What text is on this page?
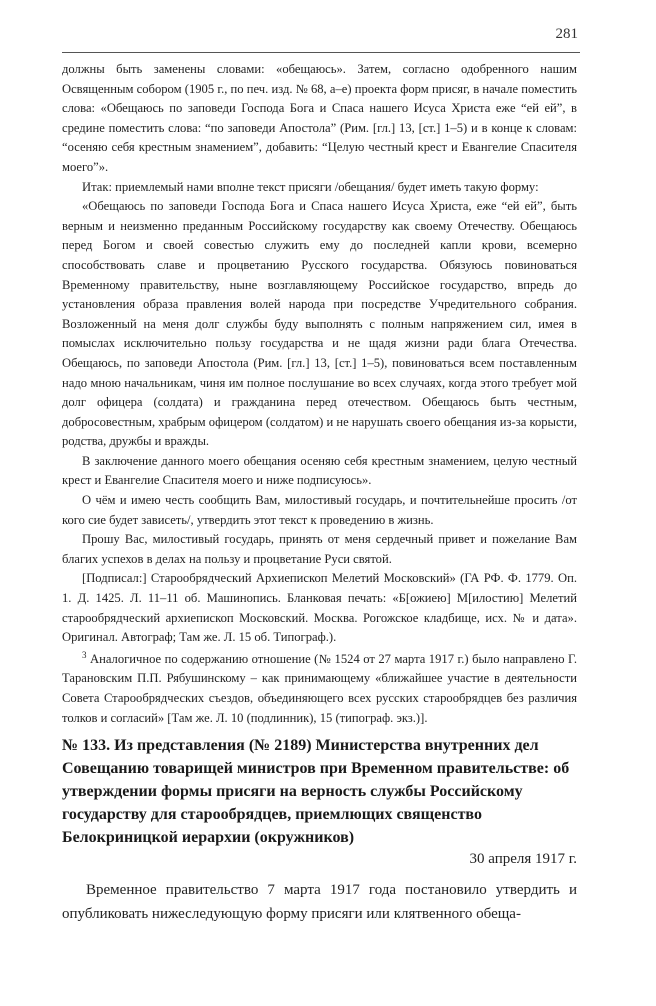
281

должны быть заменены словами: «обещаюсь». Затем, согласно одобренного нашим Освященным собором (1905 г., по печ. изд. № 68, а–е) проекта форм присяг, в начале поместить слова: «Обещаюсь по заповеди Господа Бога и Спаса нашего Исуса Христа еже “ей ей”, в средине поместить слова: “по заповеди Апостола” (Рим. [гл.] 13, [ст.] 1–5) и в конце к словам: “осеняю себя крестным знамением”, добавить: “Целую честный крест и Евангелие Спасителя моего”».

Итак: приемлемый нами вполне текст присяги /обещания/ будет иметь такую форму:

«Обещаюсь по заповеди Господа Бога и Спаса нашего Исуса Христа, еже “ей ей”, быть верным и неизменно преданным Российскому государству как своему Отечеству. Обещаюсь перед Богом и своей совестью служить ему до последней капли крови, всемерно способствовать славе и процветанию Русского государства. Обязуюсь повиноваться Временному правительству, ныне возглавляющему Российское государство, впредь до установления образа правления волей народа при посредстве Учредительного собрания. Возложенный на меня долг службы буду выполнять с полным напряжением сил, имея в помыслах исключительно пользу государства и не щадя жизни ради блага Отечества. Обещаюсь, по заповеди Апостола (Рим. [гл.] 13, [ст.] 1–5), повиноваться всем поставленным надо мною начальникам, чиня им полное послушание во всех случаях, когда этого требует мой долг офицера (солдата) и гражданина перед отечеством. Обещаюсь быть честным, добросовестным, храбрым офицером (солдатом) и не нарушать своего обещания из-за корысти, родства, дружбы и вражды.

В заключение данного моего обещания осеняю себя крестным знамением, целую честный крест и Евангелие Спасителя моего и ниже подписуюсь».

О чём и имею честь сообщить Вам, милостивый государь, и почтительнейше просить /от кого сие будет зависеть/, утвердить этот текст к проведению в жизнь.

Прошу Вас, милостивый государь, принять от меня сердечный привет и пожелание Вам благих успехов в делах на пользу и процветание Руси святой.

[Подписал:] Старообрядческий Архиепископ Мелетий Московский» (ГА РФ. Ф. 1779. Оп. 1. Д. 1425. Л. 11–11 об. Машинопись. Бланковая печать: «Б[ожиею] М[илостию] Мелетий старообрядческий архиепископ Московский. Москва. Рогожское кладбище, исх. № и дата». Оригинал. Автограф; Там же. Л. 15 об. Типограф.).

$^3$ Аналогичное по содержанию отношение (№ 1524 от 27 марта 1917 г.) было направлено Г. Тарановским П.П. Рябушинскому – как принимающему «ближайшее участие в деятельности Совета Старообрядческих съездов, объединяющего всех русских старообрядцев без различия толков и согласий» [Там же. Л. 10 (подлинник), 15 (типограф. экз.)].

№ 133. Из представления (№ 2189) Министерства внутренних дел Совещанию товарищей министров при Временном правительстве: об утверждении формы присяги на верность службы Российскому государству для старообрядцев, приемлющих священство Белокриницкой иерархии (окружников)
30 апреля 1917 г.

Временное правительство 7 марта 1917 года постановило утвердить и опубликовать нижеследующую форму присяги или клятвенного обеща-
